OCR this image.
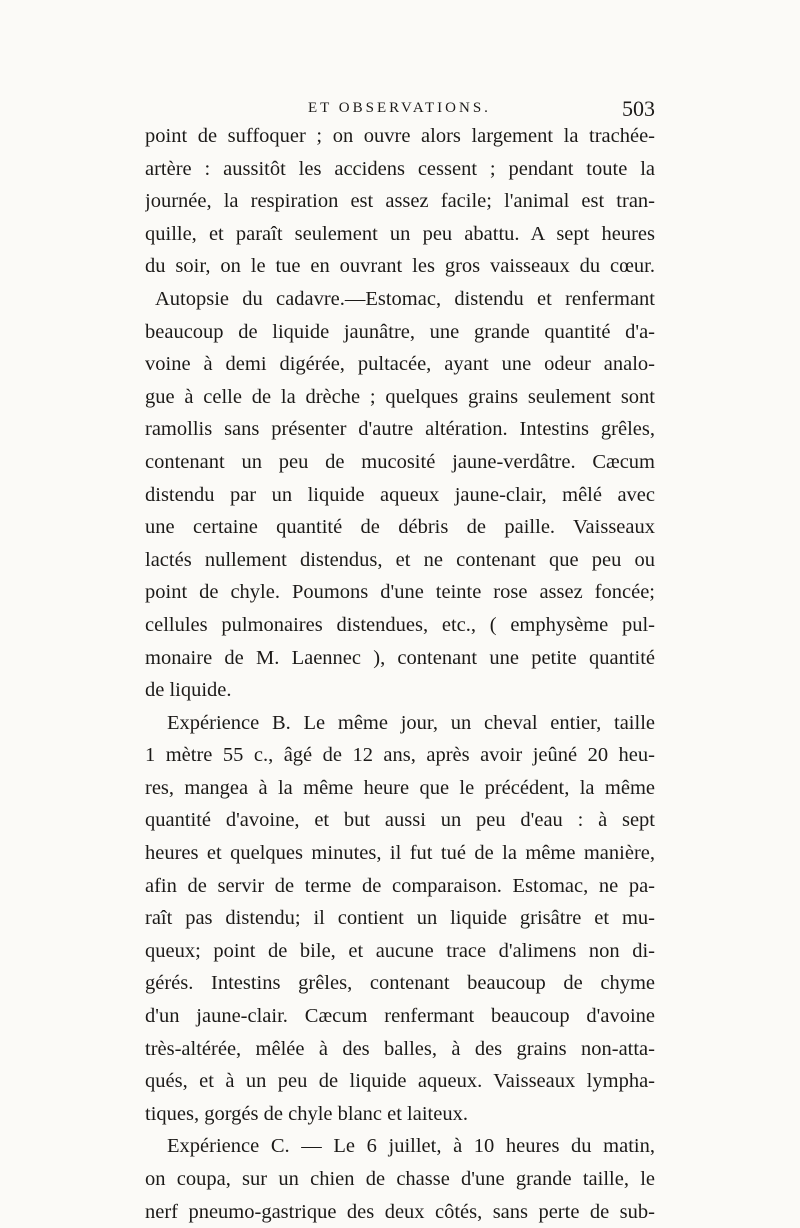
ET OBSERVATIONS.	503
point de suffoquer ; on ouvre alors largement la trachée-
artère : aussitôt les accidens cessent ; pendant toute la
journée, la respiration est assez facile; l'animal est tran-
quille, et paraît seulement un peu abattu. A sept heures
du soir, on le tue en ouvrant les gros vaisseaux du cœur.
Autopsie du cadavre.—Estomac, distendu et renfermant
beaucoup de liquide jaunâtre, une grande quantité d'a-
voine à demi digérée, pultacée, ayant une odeur analo-
gue à celle de la drèche ; quelques grains seulement sont
ramollis sans présenter d'autre altération. Intestins grêles,
contenant un peu de mucosité jaune-verdâtre. Cæcum
distendu par un liquide aqueux jaune-clair, mêlé avec
une certaine quantité de débris de paille. Vaisseaux
lactés nullement distendus, et ne contenant que peu ou
point de chyle. Poumons d'une teinte rose assez foncée;
cellules pulmonaires distendues, etc., ( emphysème pul-
monaire de M. Laennec ), contenant une petite quantité
de liquide.
Expérience B. Le même jour, un cheval entier, taille
1 mètre 55 c., âgé de 12 ans, après avoir jeûné 20 heu-
res, mangea à la même heure que le précédent, la même
quantité d'avoine, et but aussi un peu d'eau : à sept
heures et quelques minutes, il fut tué de la même manière,
afin de servir de terme de comparaison. Estomac, ne pa-
raît pas distendu; il contient un liquide grisâtre et mu-
queux; point de bile, et aucune trace d'alimens non di-
gérés. Intestins grêles, contenant beaucoup de chyme
d'un jaune-clair. Cæcum renfermant beaucoup d'avoine
très-altérée, mêlée à des balles, à des grains non-atta-
qués, et à un peu de liquide aqueux. Vaisseaux lympha-
tiques, gorgés de chyle blanc et laiteux.
Expérience C. — Le 6 juillet, à 10 heures du matin,
on coupa, sur un chien de chasse d'une grande taille, le
nerf pneumo-gastrique des deux côtés, sans perte de sub-
